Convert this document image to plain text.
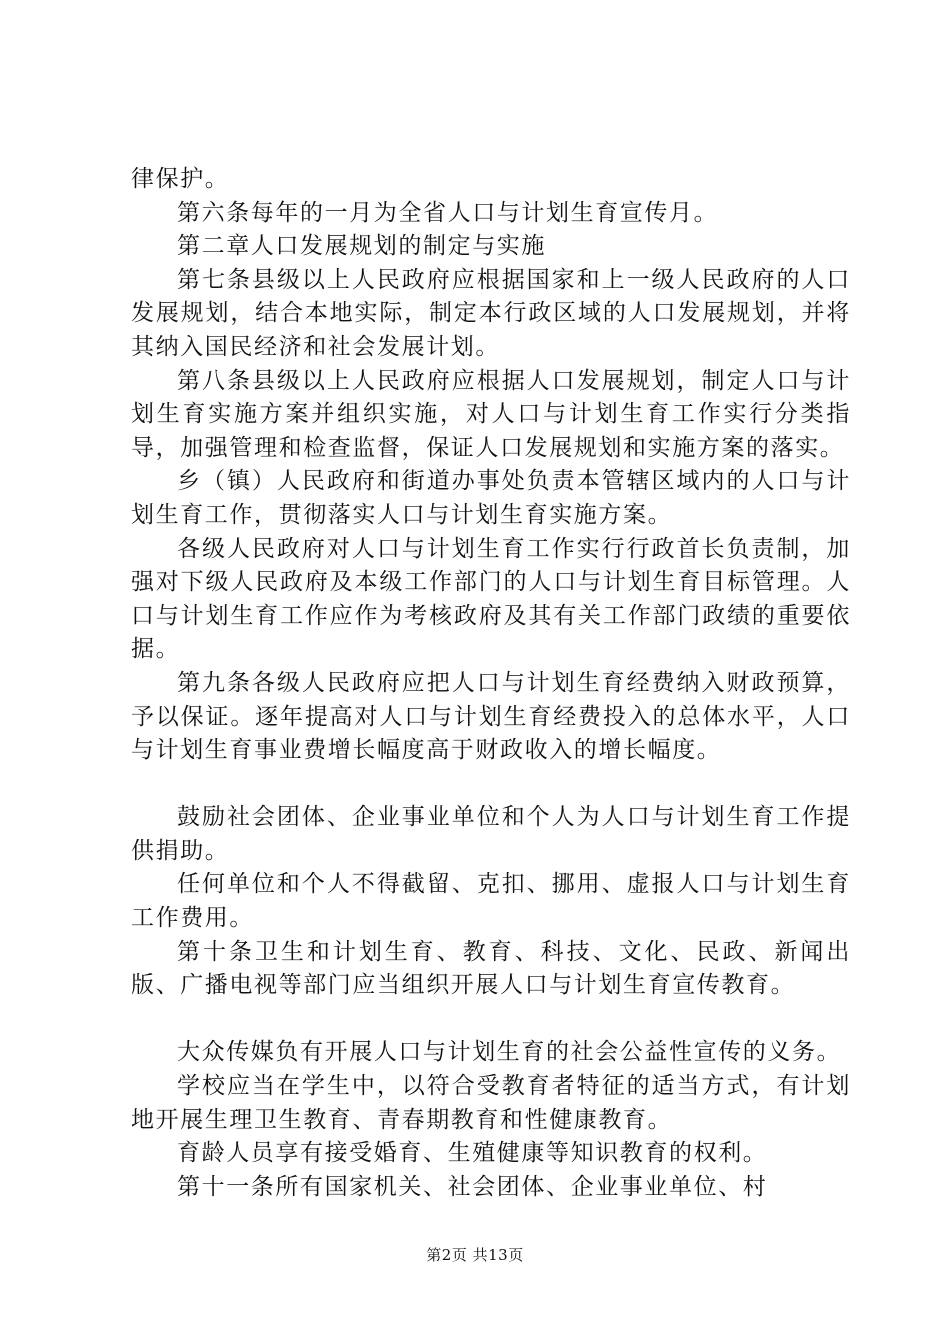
律保护。

第六条每年的一月为全省人口与计划生育宣传月。

第二章人口发展规划的制定与实施

第七条县级以上人民政府应根据国家和上一级人民政府的人口发展规划，结合本地实际，制定本行政区域的人口发展规划，并将其纳入国民经济和社会发展计划。

第八条县级以上人民政府应根据人口发展规划，制定人口与计划生育实施方案并组织实施，对人口与计划生育工作实行分类指导，加强管理和检查监督，保证人口发展规划和实施方案的落实。

乡（镇）人民政府和街道办事处负责本管辖区域内的人口与计划生育工作，贯彻落实人口与计划生育实施方案。

各级人民政府对人口与计划生育工作实行行政首长负责制，加强对下级人民政府及本级工作部门的人口与计划生育目标管理。人口与计划生育工作应作为考核政府及其有关工作部门政绩的重要依据。

第九条各级人民政府应把人口与计划生育经费纳入财政预算，予以保证。逐年提高对人口与计划生育经费投入的总体水平，人口与计划生育事业费增长幅度高于财政收入的增长幅度。

鼓励社会团体、企业事业单位和个人为人口与计划生育工作提供捐助。

任何单位和个人不得截留、克扣、挪用、虚报人口与计划生育工作费用。

第十条卫生和计划生育、教育、科技、文化、民政、新闻出版、广播电视等部门应当组织开展人口与计划生育宣传教育。

大众传媒负有开展人口与计划生育的社会公益性宣传的义务。

学校应当在学生中，以符合受教育者特征的适当方式，有计划地开展生理卫生教育、青春期教育和性健康教育。

育龄人员享有接受婚育、生殖健康等知识教育的权利。

第十一条所有国家机关、社会团体、企业事业单位、村

第2页 共13页
